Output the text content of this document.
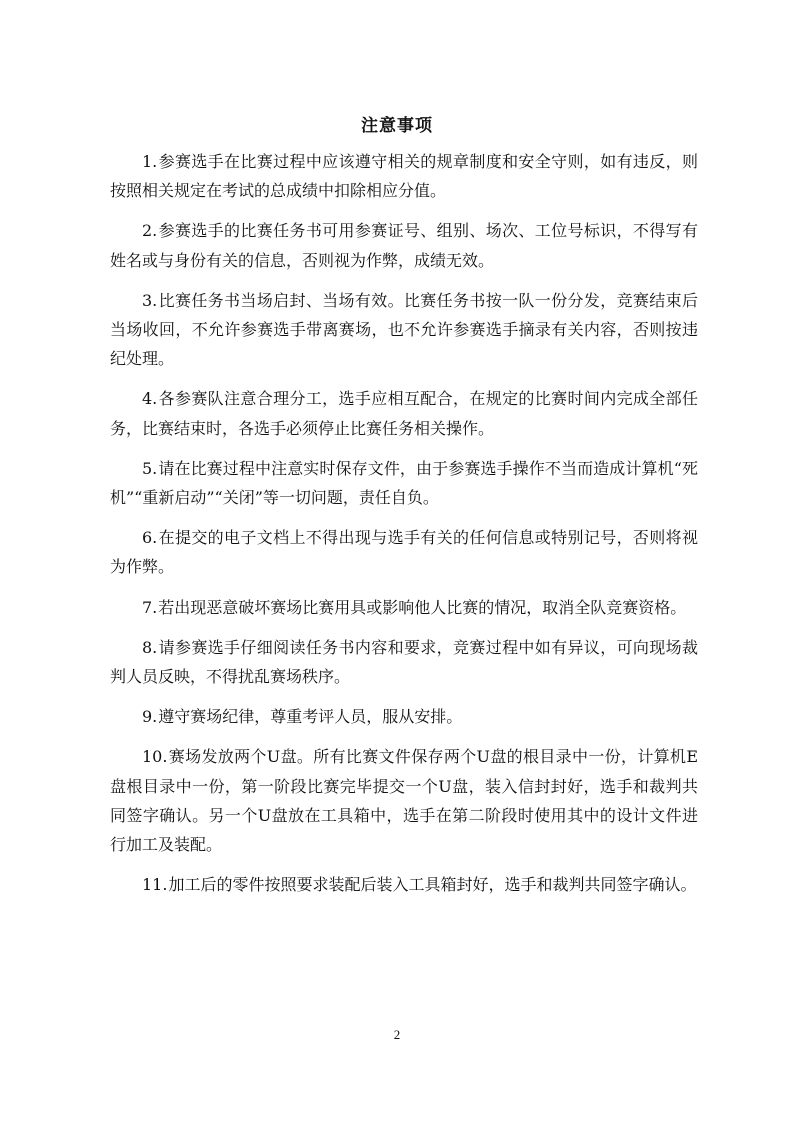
注意事项
1.参赛选手在比赛过程中应该遵守相关的规章制度和安全守则，如有违反，则按照相关规定在考试的总成绩中扣除相应分值。
2.参赛选手的比赛任务书可用参赛证号、组别、场次、工位号标识，不得写有姓名或与身份有关的信息，否则视为作弊，成绩无效。
3.比赛任务书当场启封、当场有效。比赛任务书按一队一份分发，竞赛结束后当场收回，不允许参赛选手带离赛场，也不允许参赛选手摘录有关内容，否则按违纪处理。
4.各参赛队注意合理分工，选手应相互配合，在规定的比赛时间内完成全部任务，比赛结束时，各选手必须停止比赛任务相关操作。
5.请在比赛过程中注意实时保存文件，由于参赛选手操作不当而造成计算机“死机”“重新启动”“关闭”等一切问题，责任自负。
6.在提交的电子文档上不得出现与选手有关的任何信息或特别记号，否则将视为作弊。
7.若出现恶意破坏赛场比赛用具或影响他人比赛的情况，取消全队竞赛资格。
8.请参赛选手仔细阅读任务书内容和要求，竞赛过程中如有异议，可向现场裁判人员反映，不得扰乱赛场秩序。
9.遵守赛场纪律，尊重考评人员，服从安排。
10.赛场发放两个U盘。所有比赛文件保存两个U盘的根目录中一份，计算机E盘根目录中一份，第一阶段比赛完毕提交一个U盘，装入信封封好，选手和裁判共同签字确认。另一个U盘放在工具箱中，选手在第二阶段时使用其中的设计文件进行加工及装配。
11.加工后的零件按照要求装配后装入工具箱封好，选手和裁判共同签字确认。
2
